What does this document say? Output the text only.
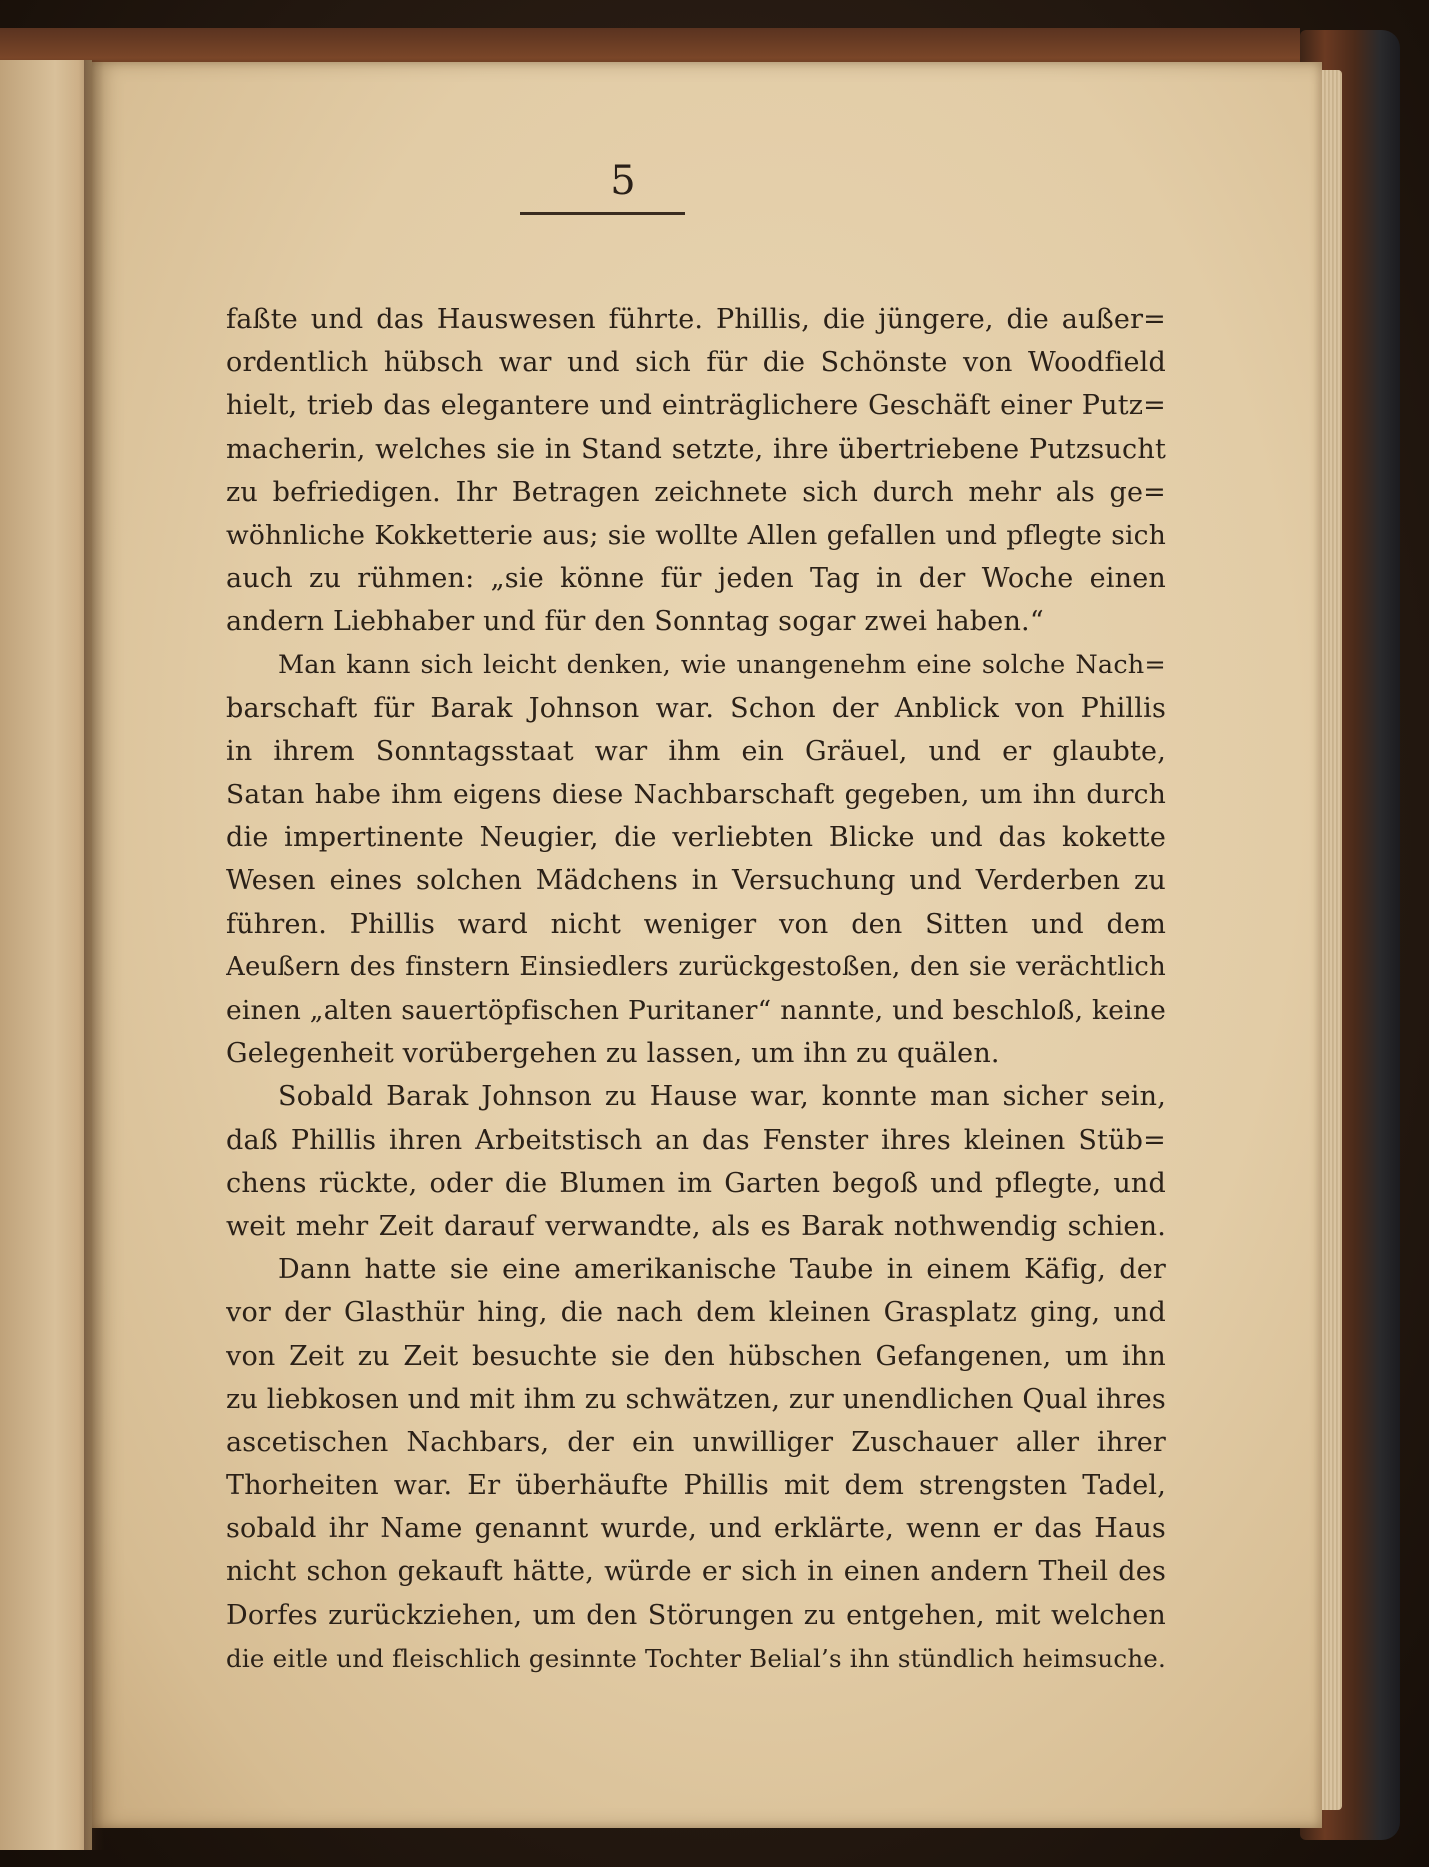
5
faßte und das Hauswesen führte. Phillis, die jüngere, die außer=
ordentlich hübsch war und sich für die Schönste von Woodfield
hielt, trieb das elegantere und einträglichere Geschäft einer Putz=
macherin, welches sie in Stand setzte, ihre übertriebene Putzsucht
zu befriedigen. Ihr Betragen zeichnete sich durch mehr als ge=
wöhnliche Kokketterie aus; sie wollte Allen gefallen und pflegte sich
auch zu rühmen: „sie könne für jeden Tag in der Woche einen
andern Liebhaber und für den Sonntag sogar zwei haben.“
Man kann sich leicht denken, wie unangenehm eine solche Nach=
barschaft für Barak Johnson war. Schon der Anblick von Phillis
in ihrem Sonntagsstaat war ihm ein Gräuel, und er glaubte,
Satan habe ihm eigens diese Nachbarschaft gegeben, um ihn durch
die impertinente Neugier, die verliebten Blicke und das kokette
Wesen eines solchen Mädchens in Versuchung und Verderben zu
führen. Phillis ward nicht weniger von den Sitten und dem
Aeußern des finstern Einsiedlers zurückgestoßen, den sie verächtlich
einen „alten sauertöpfischen Puritaner“ nannte, und beschloß, keine
Gelegenheit vorübergehen zu lassen, um ihn zu quälen.
Sobald Barak Johnson zu Hause war, konnte man sicher sein,
daß Phillis ihren Arbeitstisch an das Fenster ihres kleinen Stüb=
chens rückte, oder die Blumen im Garten begoß und pflegte, und
weit mehr Zeit darauf verwandte, als es Barak nothwendig schien.
Dann hatte sie eine amerikanische Taube in einem Käfig, der
vor der Glasthür hing, die nach dem kleinen Grasplatz ging, und
von Zeit zu Zeit besuchte sie den hübschen Gefangenen, um ihn
zu liebkosen und mit ihm zu schwätzen, zur unendlichen Qual ihres
ascetischen Nachbars, der ein unwilliger Zuschauer aller ihrer
Thorheiten war. Er überhäufte Phillis mit dem strengsten Tadel,
sobald ihr Name genannt wurde, und erklärte, wenn er das Haus
nicht schon gekauft hätte, würde er sich in einen andern Theil des
Dorfes zurückziehen, um den Störungen zu entgehen, mit welchen
die eitle und fleischlich gesinnte Tochter Belial’s ihn stündlich heimsuche.
